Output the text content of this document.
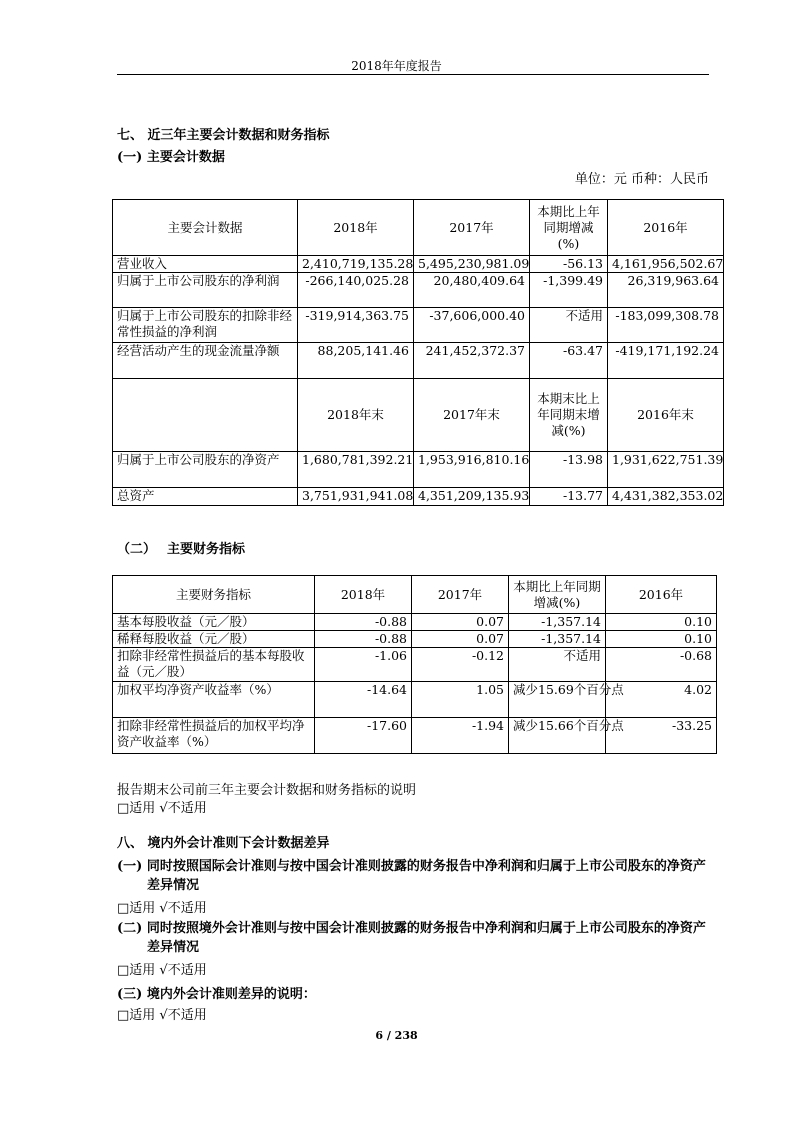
2018年年度报告
七、 近三年主要会计数据和财务指标
(一) 主要会计数据
单位：元 币种：人民币
主要会计数据	2018年	2017年	本期比上年同期增减(%)	2016年
营业收入	2,410,719,135.28	5,495,230,981.09	-56.13	4,161,956,502.67
归属于上市公司股东的净利润	-266,140,025.28	20,480,409.64	-1,399.49	26,319,963.64
归属于上市公司股东的扣除非经常性损益的净利润	-319,914,363.75	-37,606,000.40	不适用	-183,099,308.78
经营活动产生的现金流量净额	88,205,141.46	241,452,372.37	-63.47	-419,171,192.24
	2018年末	2017年末	本期末比上年同期末增减(%)	2016年末
归属于上市公司股东的净资产	1,680,781,392.21	1,953,916,810.16	-13.98	1,931,622,751.39
总资产	3,751,931,941.08	4,351,209,135.93	-13.77	4,431,382,353.02
（二）　 主要财务指标
主要财务指标	2018年	2017年	本期比上年同期增减(%)	2016年
基本每股收益（元／股）	-0.88	0.07	-1,357.14	0.10
稀释每股收益（元／股）	-0.88	0.07	-1,357.14	0.10
扣除非经常性损益后的基本每股收益（元／股）	-1.06	-0.12	不适用	-0.68
加权平均净资产收益率（%）	-14.64	1.05	减少15.69个百分点	4.02
扣除非经常性损益后的加权平均净资产收益率（%）	-17.60	-1.94	减少15.66个百分点	-33.25
报告期末公司前三年主要会计数据和财务指标的说明
□适用 √不适用
八、 境内外会计准则下会计数据差异
(一) 同时按照国际会计准则与按中国会计准则披露的财务报告中净利润和归属于上市公司股东的净资产差异情况
□适用 √不适用
(二) 同时按照境外会计准则与按中国会计准则披露的财务报告中净利润和归属于上市公司股东的净资产差异情况
□适用 √不适用
(三) 境内外会计准则差异的说明：
□适用 √不适用
6 / 238
